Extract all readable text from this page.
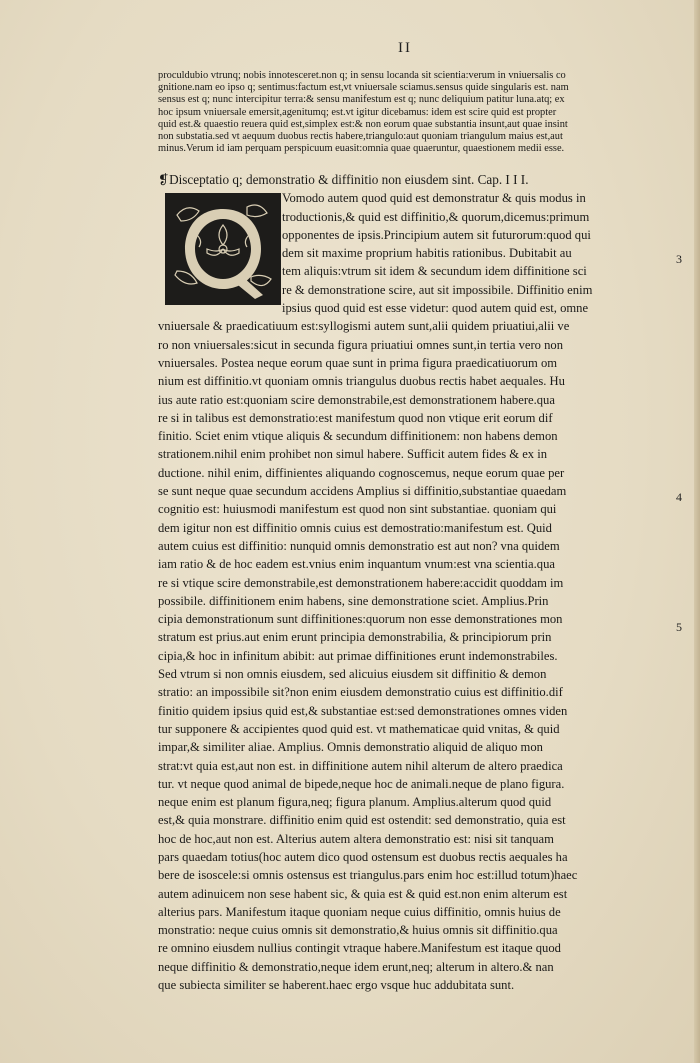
II
proculdubio vtrunq; nobis innotesceret.non q; in sensu locanda sit scientia:verum in vniuersalis co
gnitione.nam eo ipso q; sentimus:factum est,vt vniuersale sciamus.sensus quide singularis est. nam
sensus est q; nunc intercipitur terra:& sensu manifestum est q; nunc deliquium patitur luna.atq; ex
hoc ipsum vniuersale emersit,agenitumq; est.vt igitur dicebamus: idem est scire quid est propter
quid est.& quaestio reuera quid est,simplex est:& non eorum quae substantia insunt,aut quae insint
non substatia.sed vt aequum duobus rectis habere,triangulo:aut quoniam triangulum maius est,aut
minus.Verum id iam perquam perspicuum euasit:omnia quae quaeruntur, quaestionem medii esse.
❡Disceptatio q; demonstratio & diffinitio non eiusdem sint. Cap. I I I.
Vomodo autem quod quid est demonstratur & quis modus in
troductionis,& quid est diffinitio,& quorum,dicemus:primum
opponentes de ipsis.Principium autem sit futurorum:quod qui
dem sit maxime proprium habitis rationibus. Dubitabit au
tem aliquis:vtrum sit idem & secundum idem diffinitione sci
re & demonstratione scire, aut sit impossibile. Diffinitio enim
ipsius quod quid est esse videtur: quod autem quid est, omne
vniuersale & praedicatiuum est:syllogismi autem sunt,alii quidem priuatiui,alii ve
ro non vniuersales:sicut in secunda figura priuatiui omnes sunt,in tertia vero non
vniuersales. Postea neque eorum quae sunt in prima figura praedicatiuorum om
nium est diffinitio.vt quoniam omnis triangulus duobus rectis habet aequales. Hu
ius aute ratio est:quoniam scire demonstrabile,est demonstrationem habere.qua
re si in talibus est demonstratio:est manifestum quod non vtique erit eorum dif
finitio. Sciet enim vtique aliquis & secundum diffinitionem: non habens demon
strationem.nihil enim prohibet non simul habere. Sufficit autem fides & ex in
ductione. nihil enim, diffinientes aliquando cognoscemus, neque eorum quae per
se sunt neque quae secundum accidens Amplius si diffinitio,substantiae quaedam
cognitio est: huiusmodi manifestum est quod non sint substantiae. quoniam qui
dem igitur non est diffinitio omnis cuius est demostratio:manifestum est. Quid
autem cuius est diffinitio: nunquid omnis demonstratio est aut non? vna quidem
iam ratio & de hoc eadem est.vnius enim inquantum vnum:est vna scientia.qua
re si vtique scire demonstrabile,est demonstrationem habere:accidit quoddam im
possibile. diffinitionem enim habens, sine demonstratione sciet. Amplius.Prin
cipia demonstrationum sunt diffinitiones:quorum non esse demonstrationes mon
stratum est prius.aut enim erunt principia demonstrabilia, & principiorum prin
cipia,& hoc in infinitum abibit: aut primae diffinitiones erunt indemonstrabiles.
Sed vtrum si non omnis eiusdem, sed alicuius eiusdem sit diffinitio & demon
stratio: an impossibile sit?non enim eiusdem demonstratio cuius est diffinitio.dif
finitio quidem ipsius quid est,& substantiae est:sed demonstrationes omnes viden
tur supponere & accipientes quod quid est. vt mathematicae quid vnitas, & quid
impar,& similiter aliae. Amplius. Omnis demonstratio aliquid de aliquo mon
strat:vt quia est,aut non est. in diffinitione autem nihil alterum de altero praedica
tur. vt neque quod animal de bipede,neque hoc de animali.neque de plano figura.
neque enim est planum figura,neq; figura planum. Amplius.alterum quod quid
est,& quia monstrare. diffinitio enim quid est ostendit: sed demonstratio, quia est
hoc de hoc,aut non est. Alterius autem altera demonstratio est: nisi sit tanquam
pars quaedam totius(hoc autem dico quod ostensum est duobus rectis aequales ha
bere de isoscele:si omnis ostensus est triangulus.pars enim hoc est:illud totum)haec
autem adinuicem non sese habent sic, & quia est & quid est.non enim alterum est
alterius pars. Manifestum itaque quoniam neque cuius diffinitio, omnis huius de
monstratio: neque cuius omnis sit demonstratio,& huius omnis sit diffinitio.qua
re omnino eiusdem nullius contingit vtraque habere.Manifestum est itaque quod
neque diffinitio & demonstratio,neque idem erunt,neq; alterum in altero.& nan
que subiecta similiter se haberent.haec ergo vsque huc addubitata sunt.
3
4
5
